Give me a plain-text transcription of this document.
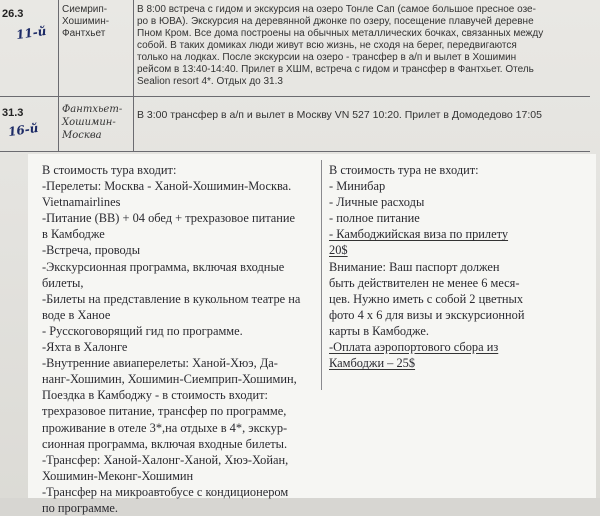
26.3
11-й
Сиемрип-
Хошимин-
Фантхьет
В 8:00 встреча с гидом и экскурсия на озеро Тонле Сап (самое большое пресное озе-
ро в ЮВА). Экскурсия на деревянной джонке по озеру, посещение плавучей деревне
Пном Кром. Все дома построены на обычных металлических бочках, связанных между
собой. В таких домиках люди живут всю жизнь, не сходя на берег, передвигаются
только на лодках. После экскурсии на озеро - трансфер в а/п и вылет в Хошимин
рейсом в 13:40-14:40. Прилет в ХШМ, встреча с гидом и трансфер в Фантхьет. Отель
Sealion resort 4*. Отдых до 31.3
31.3
16-й
Фантхьет-
Хошимин-
Москва
В 3:00 трансфер в а/п и вылет в Москву VN 527 10:20. Прилет в Домодедово 17:05
В стоимость тура входит:
-Перелеты: Москва - Ханой-Хошимин-Москва.
Vietnamairlines
-Питание (ВВ) + 04 обед + трехразовое питание
в Камбодже
-Встреча, проводы
-Экскурсионная программа, включая входные
билеты,
-Билеты на представление в кукольном театре на
воде в Ханое
- Русскоговорящий гид по программе.
-Яхта в Халонге
-Внутренние авиаперелеты: Ханой-Хюэ, Да-
нанг-Хошимин, Хошимин-Сиемприп-Хошимин,
Поездка в Камбоджу - в стоимость входит:
трехразовое питание, трансфер по программе,
проживание в отеле 3*,на отдыхе в 4*, экскур-
сионная программа, включая входные билеты.
-Трансфер: Ханой-Халонг-Ханой, Хюэ-Хойан,
Хошимин-Меконг-Хошимин
-Трансфер на микроавтобусе с кондиционером
по программе.
В стоимость тура не входит:
- Минибар
- Личные расходы
- полное питание
- Камбоджийская виза по прилету
20$
Внимание: Ваш паспорт должен
быть действителен не менее 6 меся-
цев. Нужно иметь с собой 2 цветных
фото 4 х 6 для визы и экскурсионной
карты в Камбодже.
-Оплата аэропортового сбора из
Камбоджи – 25$
